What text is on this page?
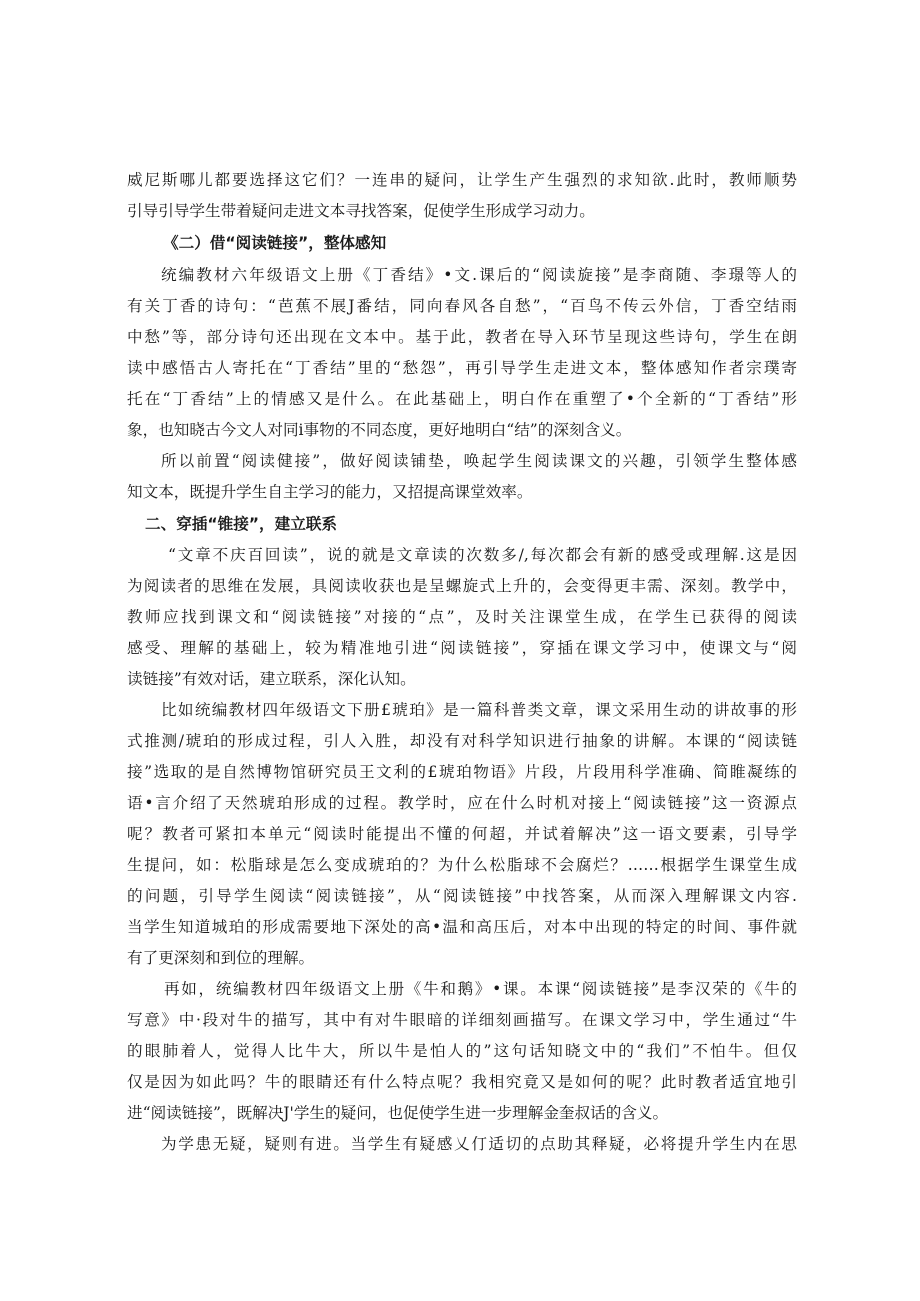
威尼斯哪儿都要选择这它们？一连串的疑问，让学生产生强烈的求知欲.此时，教师顺势
引导引导学生带着疑问走进文本寻找答案，促使学生形成学习动力。
《二）借“阅读链接”，整体感知
统编教材六年级语文上册《丁香结》•文.课后的“阅读旋接”是李商随、李璟等人的
有关丁香的诗句：“芭蕉不展J番结，同向春风各自愁”，“百鸟不传云外信，丁香空结雨
中愁”等，部分诗句还出现在文本中。基于此，教者在导入环节呈现这些诗句，学生在朗
读中感悟古人寄托在“丁香结”里的“愁怨”，再引导学生走进文本，整体感知作者宗璞寄
托在“丁香结”上的情感又是什么。在此基础上，明白作在重塑了•个全新的“丁香结”形
象，也知晓古今文人对同i事物的不同态度，更好地明白“结”的深刻含义。
所以前置“阅读健接”，做好阅读铺垫，唤起学生阅读课文的兴趣，引领学生整体感
知文本，既提升学生自主学习的能力，又招提高课堂效率。
二、穿插“锥接”，建立联系
“文章不庆百回读”，说的就是文章读的次数多/,每次都会有新的感受或理解.这是因
为阅读者的思维在发展，具阅读收获也是呈螺旋式上升的，会变得更丰需、深刻。教学中，
教师应找到课文和“阅读链接”对接的“点”，及时关注课堂生成，在学生已获得的阅读
感受、理解的基础上，较为精准地引进“阅读链接”，穿插在课文学习中，使课文与“阅
读链接”有效对话，建立联系，深化认知。
比如统编教材四年级语文下册£琥珀》是一篇科普类文章，课文采用生动的讲故事的形
式推测/琥珀的形成过程，引人入胜，却没有对科学知识进行抽象的讲解。本课的“阅读链
接”选取的是自然博物馆研究员王文利的£琥珀物语》片段，片段用科学准确、简睢凝练的
语•言介绍了天然琥珀形成的过程。教学时，应在什么时机对接上“阅读链接”这一资源点
呢？教者可紧扣本单元“阅读时能提出不懂的何超，并试着解决”这一语文要素，引导学
生提问，如：松脂球是怎么变成琥珀的？为什么松脂球不会腐烂？……根据学生课堂生成
的问题，引导学生阅读“阅读链接”，从“阅读链接”中找答案，从而深入理解课文内容.
当学生知道城珀的形成需要地下深处的高•温和高压后，对本中出现的特定的时间、事件就
有了更深刻和到位的理解。
再如，统编教材四年级语文上册《牛和鹅》•课。本课“阅读链接”是李汉荣的《牛的
写意》中·段对牛的描写，其中有对牛眼暗的详细刻画描写。在课文学习中，学生通过“牛
的眼肺着人，觉得人比牛大，所以牛是怕人的”这句话知晓文中的“我们”不怕牛。但仅
仅是因为如此吗？牛的眼睛还有什么特点呢？我相究竟又是如何的呢？此时教者适宜地引
进“阅读链接”，既解决J'学生的疑问，也促使学生进一步理解金奎叔话的含义。
为学患无疑，疑则有进。当学生有疑感乂仃适切的点助其释疑，必将提升学生内在思
